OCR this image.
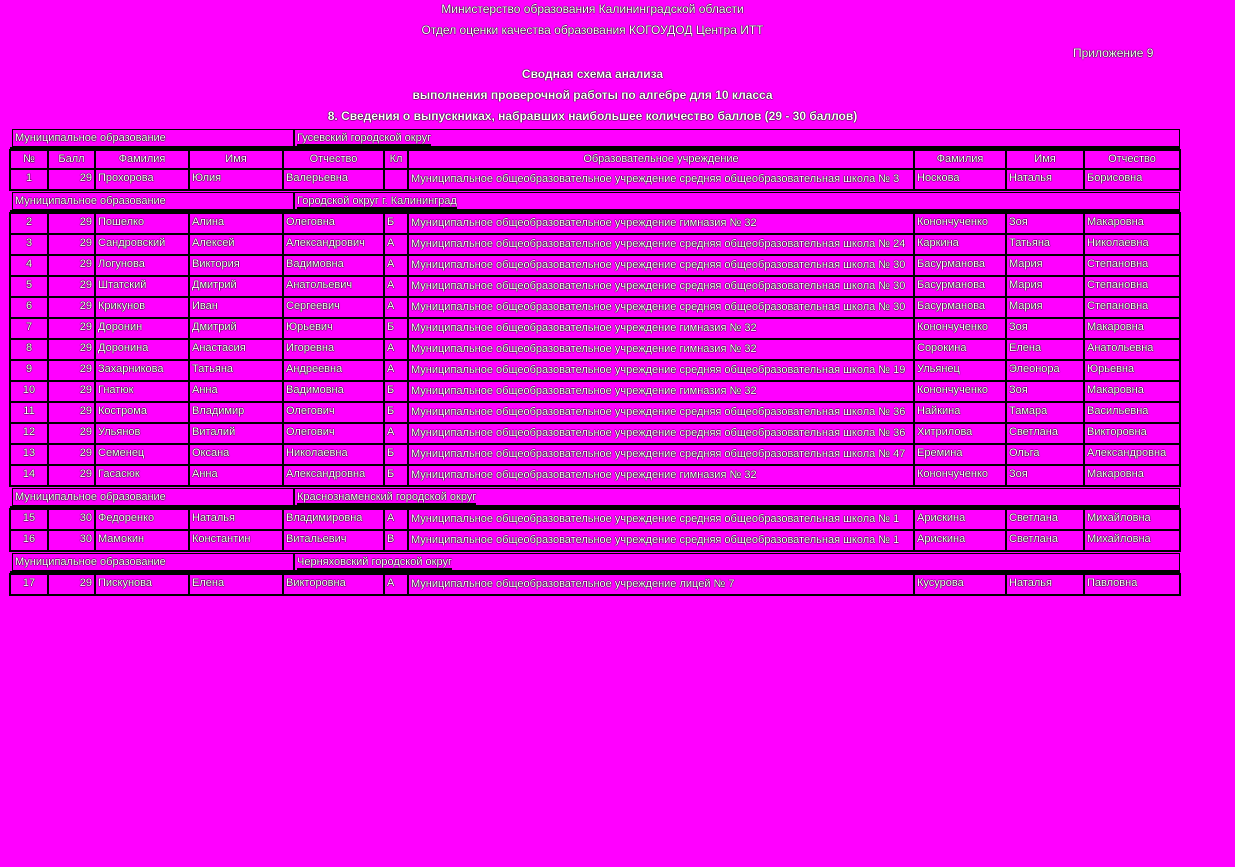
Министерство образования Калининградской области
Отдел оценки качества образования КОГОУДОД Центра ИТТ
Приложение 9
Сводная схема анализа
выполнения проверочной работы по алгебре для 10 класса
8. Сведения о выпускниках, набравших наибольшее количество баллов (29 - 30 баллов)
Муниципальное образование Гусевский городской округ									

№	Балл	Фамилия	Имя	Отчество	Кл	Образовательное учреждение	Фамилия	Имя	Отчество
1	29	Прохорова	Юлия	Валерьевна		Муниципальное общеобразовательное учреждение средняя общеобразовательная школа № 3	Носкова	Наталья	Борисовна

Муниципальное образование Городской округ г. Калининград									

2	29	Пошелко	Алина	Олеговна	Б	Муниципальное общеобразовательное учреждение гимназия № 32	Конончученко	Зоя	Макаровна
3	29	Сандровский	Алексей	Александрович	А	Муниципальное общеобразовательное учреждение средняя общеобразовательная школа № 24	Каркина	Татьяна	Николаевна
4	29	Логунова	Виктория	Вадимовна	А	Муниципальное общеобразовательное учреждение средняя общеобразовательная школа № 30	Басурманова	Мария	Степановна
5	29	Штатский	Дмитрий	Анатольевич	А	Муниципальное общеобразовательное учреждение средняя общеобразовательная школа № 30	Басурманова	Мария	Степановна
6	29	Крикунов	Иван	Сергеевич	А	Муниципальное общеобразовательное учреждение средняя общеобразовательная школа № 30	Басурманова	Мария	Степановна
7	29	Доронин	Дмитрий	Юрьевич	Б	Муниципальное общеобразовательное учреждение гимназия № 32	Конончученко	Зоя	Макаровна
8	29	Доронина	Анастасия	Игоревна	А	Муниципальное общеобразовательное учреждение гимназия № 32	Сорокина	Елена	Анатольевна
9	29	Захарникова	Татьяна	Андреевна	А	Муниципальное общеобразовательное учреждение средняя общеобразовательная школа № 19	Ульянец	Элеонора	Юрьевна
10	29	Гнатюк	Анна	Вадимовна	Б	Муниципальное общеобразовательное учреждение гимназия № 32	Конончученко	Зоя	Макаровна
11	29	Кострома	Владимир	Олегович	Б	Муниципальное общеобразовательное учреждение средняя общеобразовательная школа № 36	Найкина	Тамара	Васильевна
12	29	Ульянов	Виталий	Олегович	А	Муниципальное общеобразовательное учреждение средняя общеобразовательная школа № 36	Хитрилова	Светлана	Викторовна
13	29	Семенец	Оксана	Николаевна	Б	Муниципальное общеобразовательное учреждение средняя общеобразовательная школа № 47	Еремина	Ольга	Александровна
14	29	Гасасюк	Анна	Александровна	Б	Муниципальное общеобразовательное учреждение гимназия № 32	Конончученко	Зоя	Макаровна

Муниципальное образование Краснознаменский городской округ									

15	30	Федоренко	Наталья	Владимировна	А	Муниципальное общеобразовательное учреждение средняя общеобразовательная школа № 1	Арискина	Светлана	Михайловна
16	30	Мамокин	Константин	Витальевич	В	Муниципальное общеобразовательное учреждение средняя общеобразовательная школа № 1	Арискина	Светлана	Михайловна

Муниципальное образование Черняховский городской округ									

17	29	Пискунова	Елена	Викторовна	А	Муниципальное общеобразовательное учреждение лицей № 7	Кусурова	Наталья	Павловна
